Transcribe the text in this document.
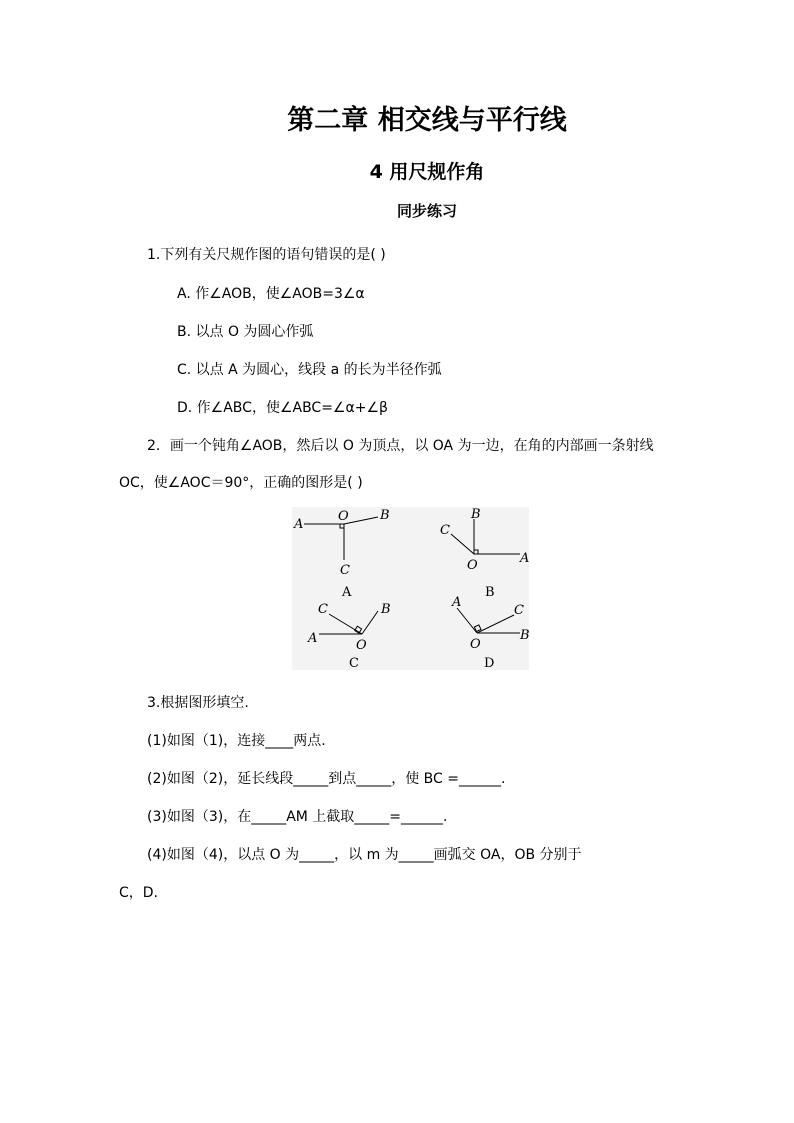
第二章 相交线与平行线
4 用尺规作角
同步练习
1.下列有关尺规作图的语句错误的是( )
A. 作∠AOB，使∠AOB=3∠α
B. 以点 O 为圆心作弧
C. 以点 A 为圆心，线段 a 的长为半径作弧
D. 作∠ABC，使∠ABC=∠α+∠β
2．画一个钝角∠AOB，然后以 O 为顶点，以 OA 为一边，在角的内部画一条射线
OC，使∠AOC＝90°，正确的图形是( )
A
O B
C
B
C
O	A
C	B
A	O
A
C
O
B
A	B
C	D
3.根据图形填空.
(1)如图（1)，连接____两点.
(2)如图（2)，延长线段_____到点_____，使 BC =______.
(3)如图（3)，在_____AM 上截取_____=______.
(4)如图（4)，以点 O 为_____，以 m 为_____画弧交 OA，OB 分别于
C，D.
